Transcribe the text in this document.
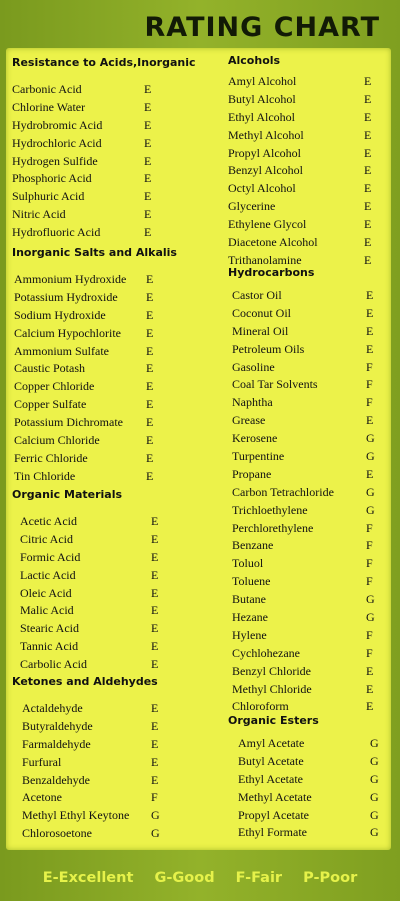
RATING CHART
Resistance to Acids,Inorganic
Carbonic Acid	E
Chlorine Water	E
Hydrobromic Acid	E
Hydrochloric Acid	E
Hydrogen Sulfide	E
Phosphoric Acid	E
Sulphuric Acid	E
Nitric Acid	E
Hydrofluoric Acid	E
Inorganic Salts and Alkalis
Ammonium Hydroxide E
Potassium Hydroxide E
Sodium Hydroxide	E
Calcium Hypochlorite E
Ammonium Sulfate	E
Caustic Potash	E
Copper Chloride	E
Copper Sulfate	E
Potassium Dichromate E
Calcium Chloride	E
Ferric Chloride	E
Tin Chloride	E
Organic Materials
Acetic Acid	E
Citric Acid	E
Formic Acid	E
Lactic Acid	E
Oleic Acid	E
Malic Acid	E
Stearic Acid	E
Tannic Acid	E
Carbolic Acid	E
Ketones and Aldehydes
Actaldehyde	E
Butyraldehyde	E
Farmaldehyde	E
Furfural	E
Benzaldehyde	E
Acetone	F
Methyl Ethyl Keytone G
Chlorosoetone	G
Alcohols
Amyl Alcohol	E
Butyl Alcohol	E
Ethyl Alcohol	E
Methyl Alcohol	E
Propyl Alcohol	E
Benzyl Alcohol	E
Octyl Alcohol	E
Glycerine	E
Ethylene Glycol	E
Diacetone Alcohol	E
Trithanolamine	E
Hydrocarbons
Castor Oil	E
Coconut Oil	E
Mineral Oil	E
Petroleum Oils	E
Gasoline	F
Coal Tar Solvents	F
Naphtha	F
Grease	E
Kerosene	G
Turpentine	G
Propane	E
Carbon Tetrachloride	G
Trichloethylene	G
Perchlorethylene	F
Benzane	F
Toluol	F
Toluene	F
Butane	G
Hezane	G
Hylene	F
Cychlohezane	F
Benzyl Chloride	E
Methyl Chloride	E
Chloroform	E
Organic Esters
Amyl Acetate	G
Butyl Acetate	G
Ethyl Acetate	G
Methyl Acetate	G
Propyl Acetate	G
Ethyl Formate	G
E-Excellent G-Good F-Fair P-Poor
